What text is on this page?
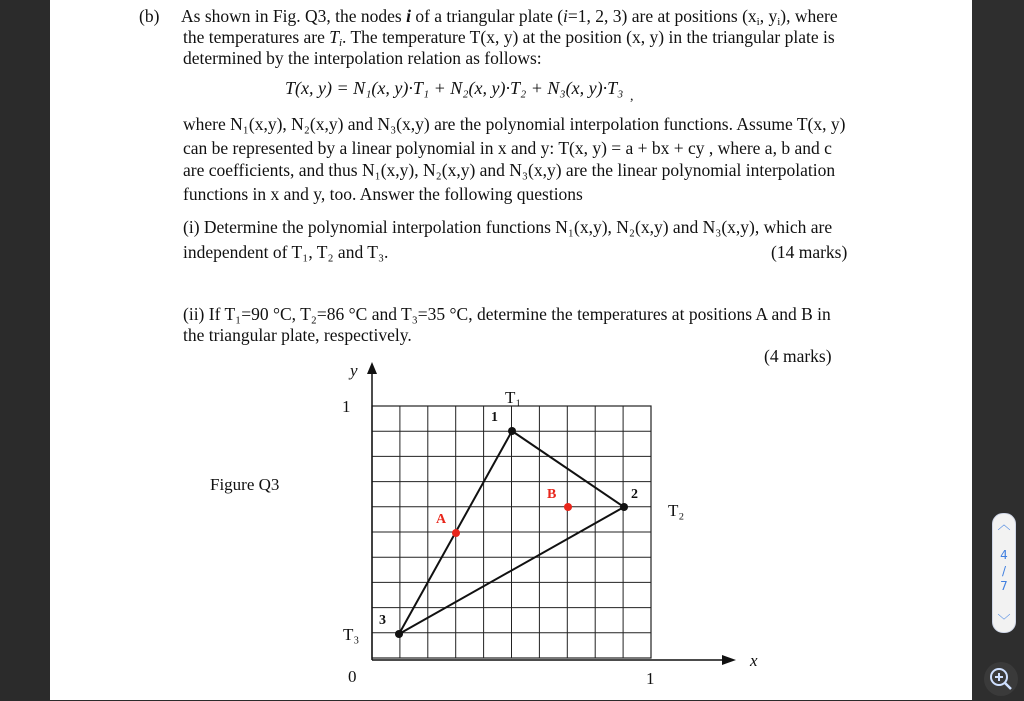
(b) As shown in Fig. Q3, the nodes i of a triangular plate (i=1, 2, 3) are at positions ($x_i$, $y_i$), where
the temperatures are $T_i$. The temperature T(x, y) at the position (x, y) in the triangular plate is
determined by the interpolation relation as follows:
T(x, y) = N₁(x, y)·T₁ + N₂(x, y)·T₂ + N₃(x, y)·T₃ ,
where N₁(x,y), N₂(x,y) and N₃(x,y) are the polynomial interpolation functions. Assume T(x, y)
can be represented by a linear polynomial in x and y: T(x, y) = a + bx + cy , where a, b and c
are coefficients, and thus N₁(x,y), N₂(x,y) and N₃(x,y) are the linear polynomial interpolation
functions in x and y, too. Answer the following questions
(i) Determine the polynomial interpolation functions N₁(x,y), N₂(x,y) and N₃(x,y), which are
independent of T₁, T₂ and T₃.	(14 marks)
(ii) If T₁=90 °C, T₂=86 °C and T₃=35 °C, determine the temperatures at positions A and B in
the triangular plate, respectively.
(4 marks)
Figure Q3
y
x
1
0	1
T₁
T₂
T₃
1
2
3
A
B
︿
4
/
7
﹀
